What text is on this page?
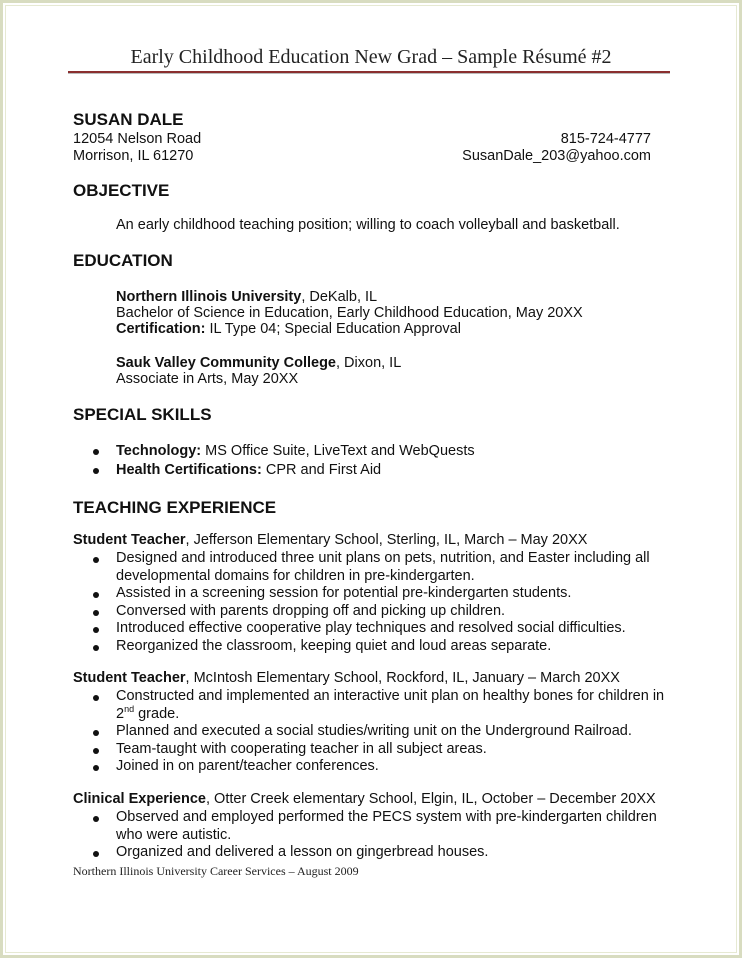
Early Childhood Education New Grad – Sample Résumé #2
SUSAN DALE
12054 Nelson Road
Morrison, IL 61270
815-724-4777
SusanDale_203@yahoo.com
OBJECTIVE
An early childhood teaching position; willing to coach volleyball and basketball.
EDUCATION
Northern Illinois University, DeKalb, IL
Bachelor of Science in Education, Early Childhood Education, May 20XX
Certification: IL Type 04; Special Education Approval
Sauk Valley Community College, Dixon, IL
Associate in Arts, May 20XX
SPECIAL SKILLS
Technology: MS Office Suite, LiveText and WebQuests
Health Certifications: CPR and First Aid
TEACHING EXPERIENCE
Student Teacher, Jefferson Elementary School, Sterling, IL, March – May 20XX
Designed and introduced three unit plans on pets, nutrition, and Easter including all developmental domains for children in pre-kindergarten.
Assisted in a screening session for potential pre-kindergarten students.
Conversed with parents dropping off and picking up children.
Introduced effective cooperative play techniques and resolved social difficulties.
Reorganized the classroom, keeping quiet and loud areas separate.
Student Teacher, McIntosh Elementary School, Rockford, IL, January – March 20XX
Constructed and implemented an interactive unit plan on healthy bones for children in
2nd grade.
Planned and executed a social studies/writing unit on the Underground Railroad.
Team-taught with cooperating teacher in all subject areas.
Joined in on parent/teacher conferences.
Clinical Experience, Otter Creek elementary School, Elgin, IL, October – December 20XX
Observed and employed performed the PECS system with pre-kindergarten children who were autistic.
Organized and delivered a lesson on gingerbread houses.
Northern Illinois University Career Services – August 2009
